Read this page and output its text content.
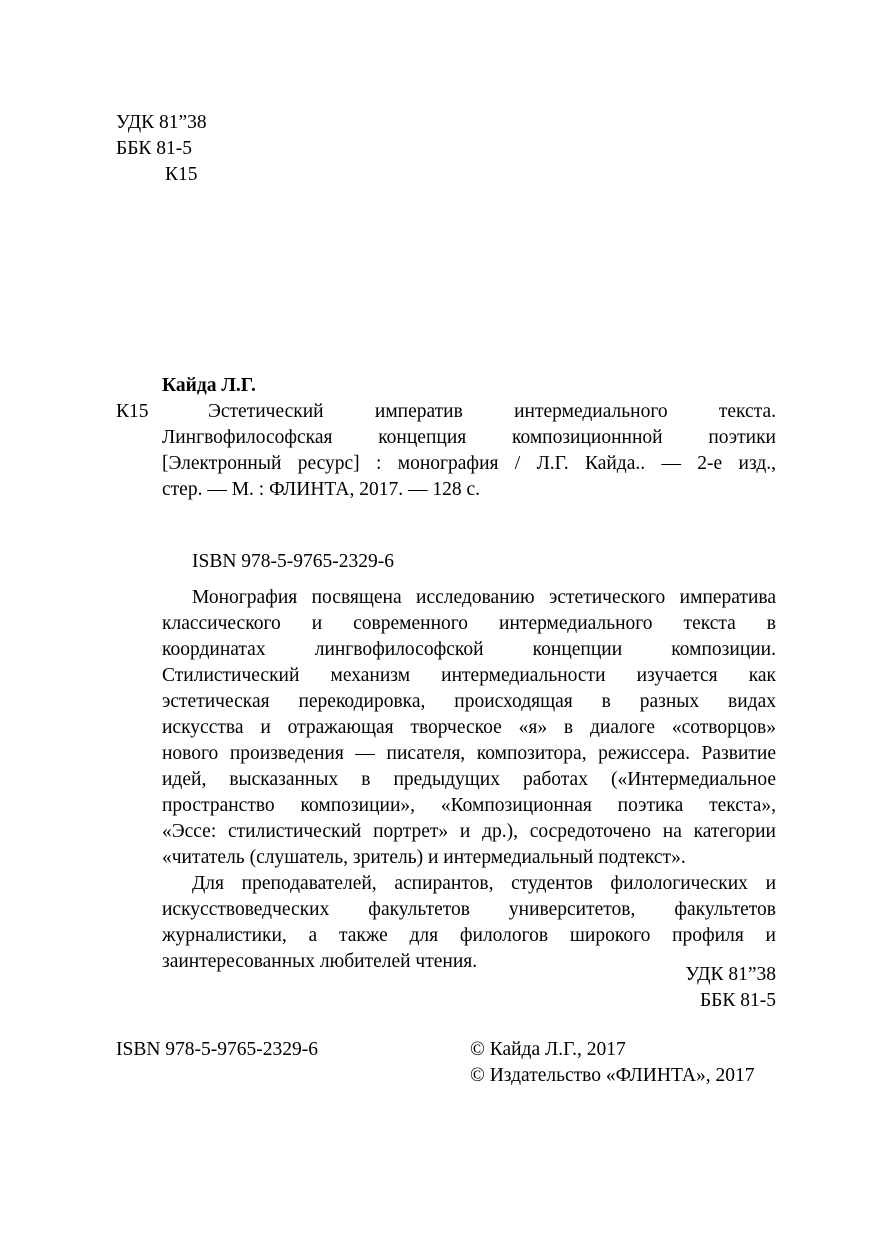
УДК 81”38
ББК 81-5
К15
Кайда Л.Г.
К15	Эстетический императив интермедиального текста.
Лингвофилософская концепция композиционнной поэтики
[Электронный ресурс] : монография / Л.Г. Кайда.. — 2-е изд.,
стер. — М. : ФЛИНТА, 2017. — 128 с.
ISBN 978-5-9765-2329-6
Монография посвящена исследованию эстетического императива
классического и современного интермедиального текста в
координатах лингвофилософской концепции композиции.
Стилистический механизм интермедиальности изучается как
эстетическая перекодировка, происходящая в разных видах
искусства и отражающая творческое «я» в диалоге «сотворцов»
нового произведения — писателя, композитора, режиссера. Развитие
идей, высказанных в предыдущих работах («Интермедиальное
пространство композиции», «Композиционная поэтика текста»,
«Эссе: стилистический портрет» и др.), сосредоточено на категории
«читатель (слушатель, зритель) и интермедиальный подтекст».
Для преподавателей, аспирантов, студентов филологических и
искусствоведческих факультетов университетов, факультетов
журналистики, а также для филологов широкого профиля и
заинтересованных любителей чтения.
УДК 81”38
ББК 81-5
ISBN 978-5-9765-2329-6	© Кайда Л.Г., 2017
© Издательство «ФЛИНТА», 2017
